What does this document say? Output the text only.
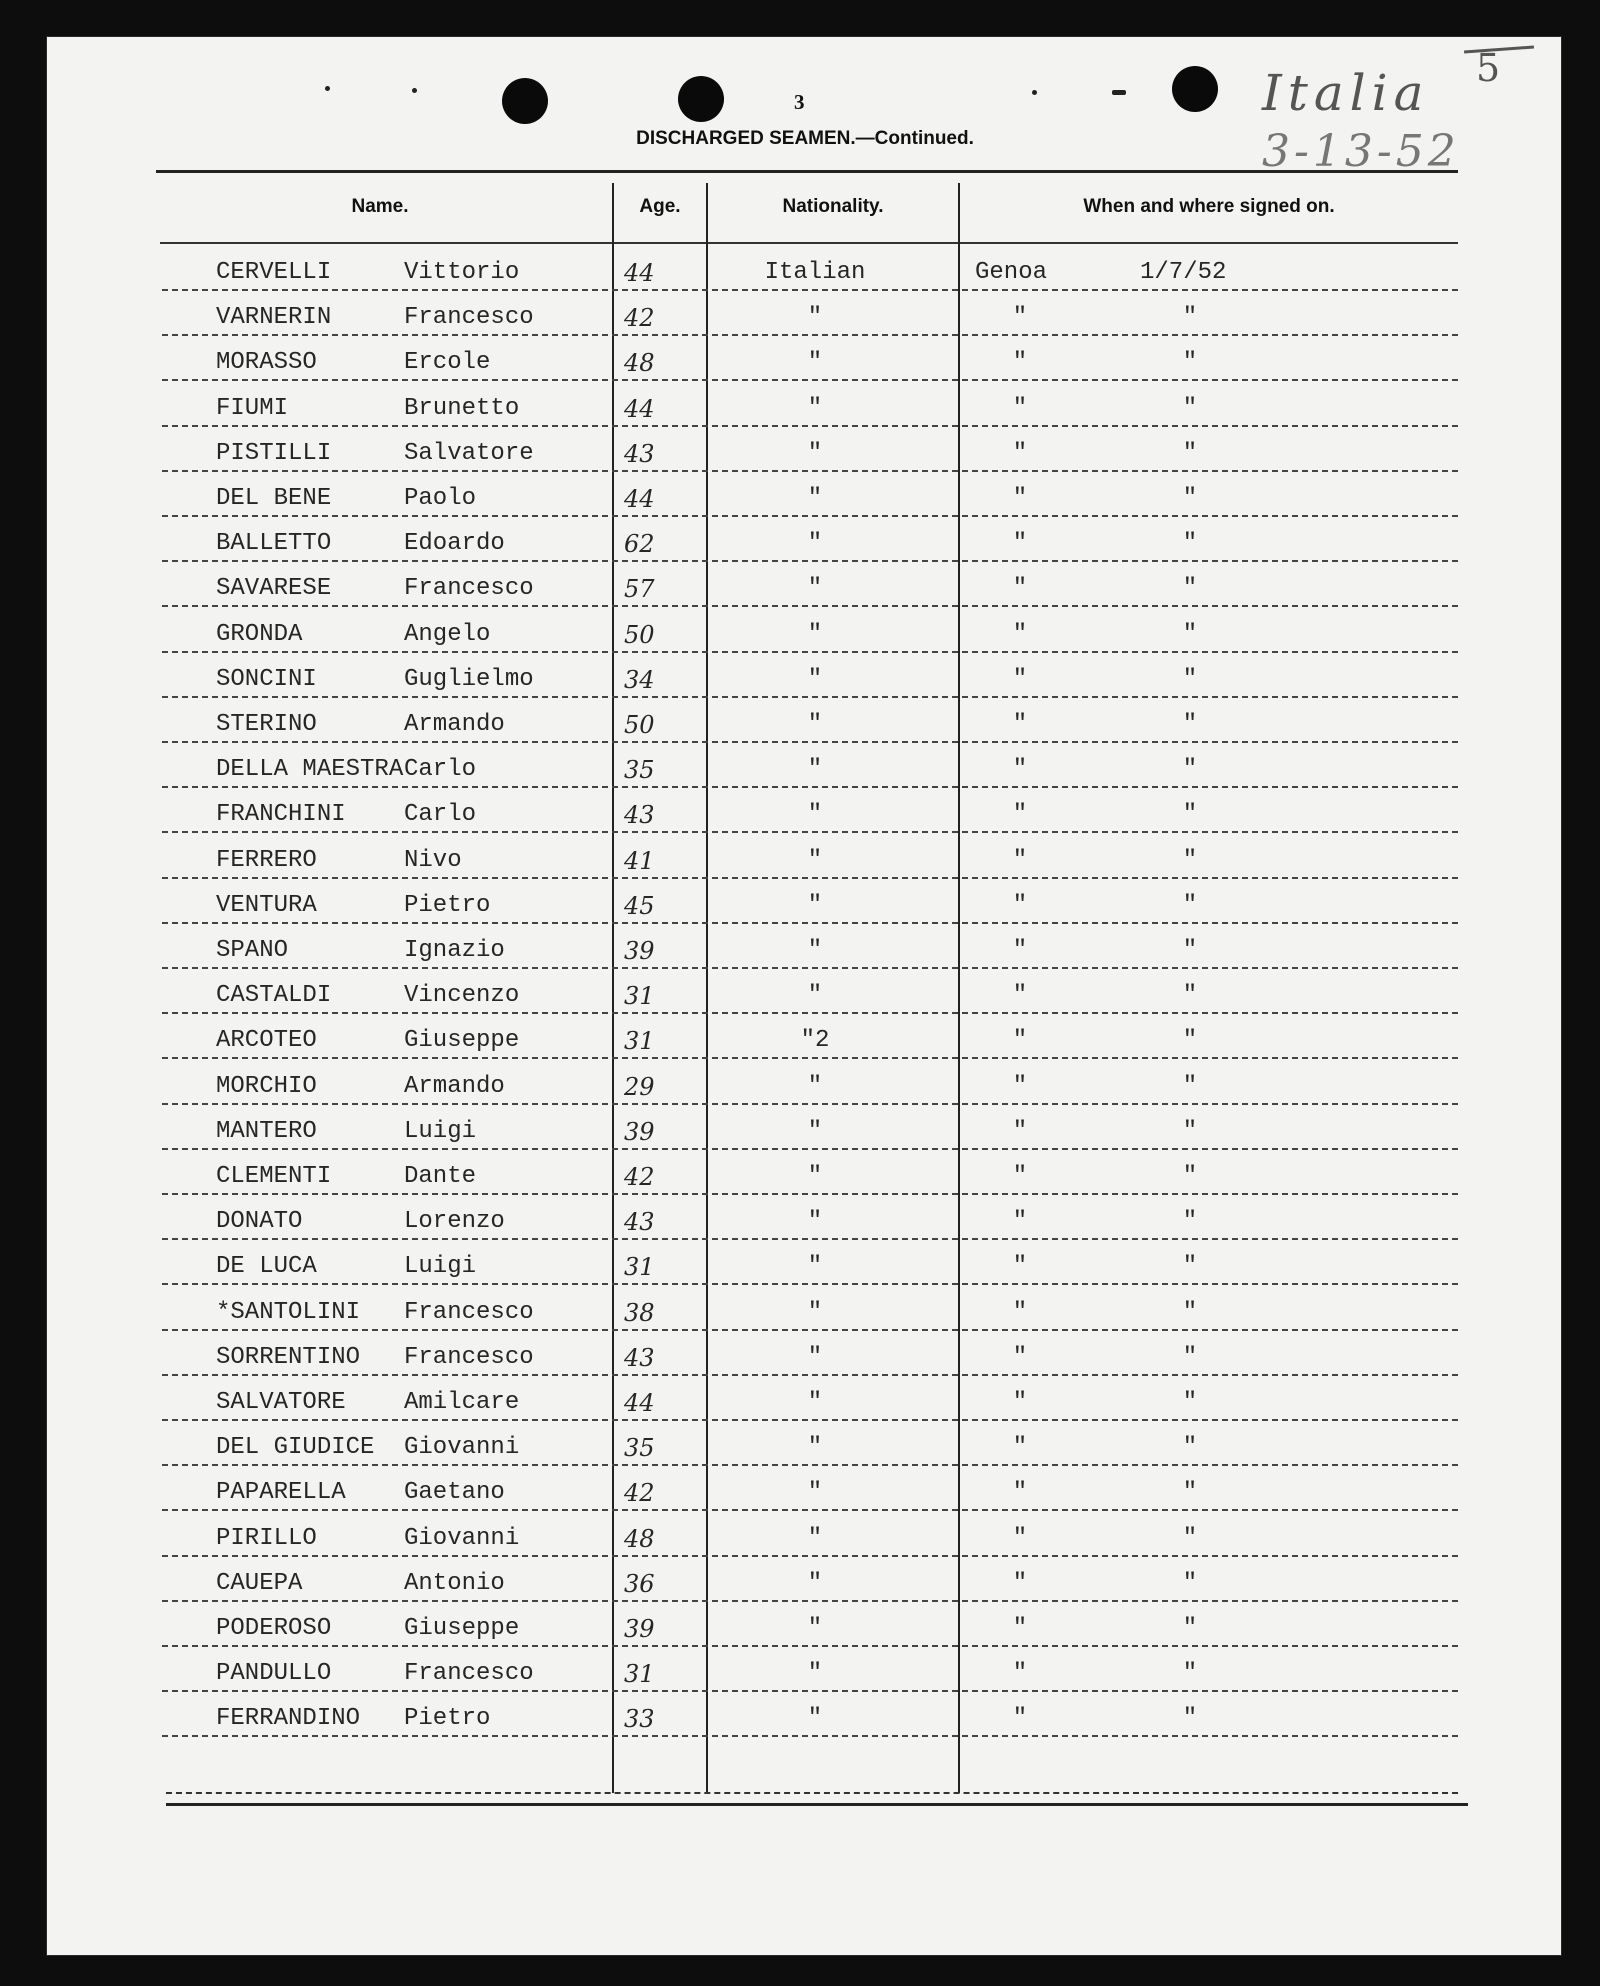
3
DISCHARGED SEAMEN.—Continued.
Italia 5
3-13-52
Name.	Age.	Nationality.	When and where signed on.
CERVELLI	Vittorio	44	Italian	Genoa	1/7/52
VARNERIN	Francesco	42	"	"	"
MORASSO	Ercole	48	"	"	"
FIUMI	Brunetto	44	"	"	"
PISTILLI	Salvatore	43	"	"	"
DEL BENE	Paolo	44	"	"	"
BALLETTO	Edoardo	62	"	"	"
SAVARESE	Francesco	57	"	"	"
GRONDA	Angelo	50	"	"	"
SONCINI	Guglielmo	34	"	"	"
STERINO	Armando	50	"	"	"
DELLA MAESTRA Carlo	35	"	"	"
FRANCHINI Carlo	43	"	"	"
FERRERO	Nivo	41	"	"	"
VENTURA	Pietro	45	"	"	"
SPANO	Ignazio	39	"	"	"
CASTALDI	Vincenzo	31	"	"	"
ARCOTEO	Giuseppe	31	"2	"	"
MORCHIO	Armando	29	"	"	"
MANTERO	Luigi	39	"	"	"
CLEMENTI	Dante	42	"	"	"
DONATO	Lorenzo	43	"	"	"
DE LUCA	Luigi	31	"	"	"
*SANTOLINI Francesco	38	"	"	"
SORRENTINO Francesco	43	"	"	"
SALVATORE Amilcare	44	"	"	"
DEL GIUDICE Giovanni	35	"	"	"
PAPARELLA Gaetano	42	"	"	"
PIRILLO	Giovanni	48	"	"	"
CAUEPA	Antonio	36	"	"	"
PODEROSO	Giuseppe	39	"	"	"
PANDULLO	Francesco	31	"	"	"
FERRANDINO Pietro	33	"	"	"
